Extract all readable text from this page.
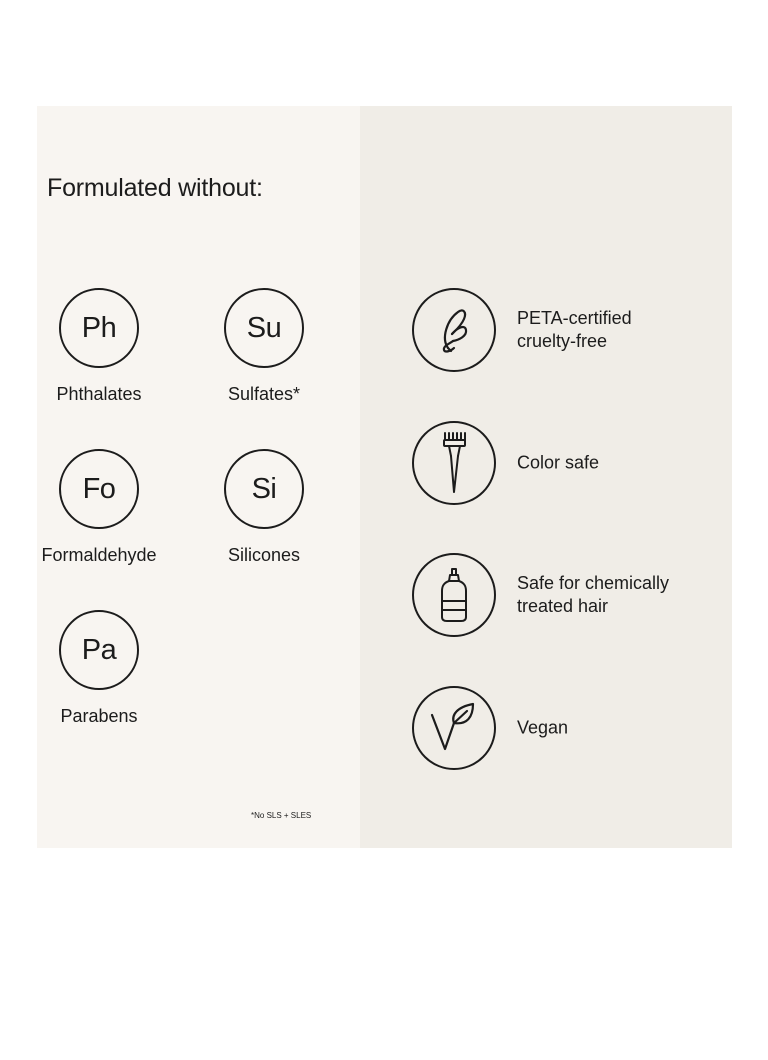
Formulated without:
Ph
Phthalates
Su
Sulfates*
Fo
Formaldehyde
Si
Silicones
Pa
Parabens
*No SLS + SLES
PETA-certified
cruelty-free
Color safe
Safe for chemically
treated hair
Vegan
